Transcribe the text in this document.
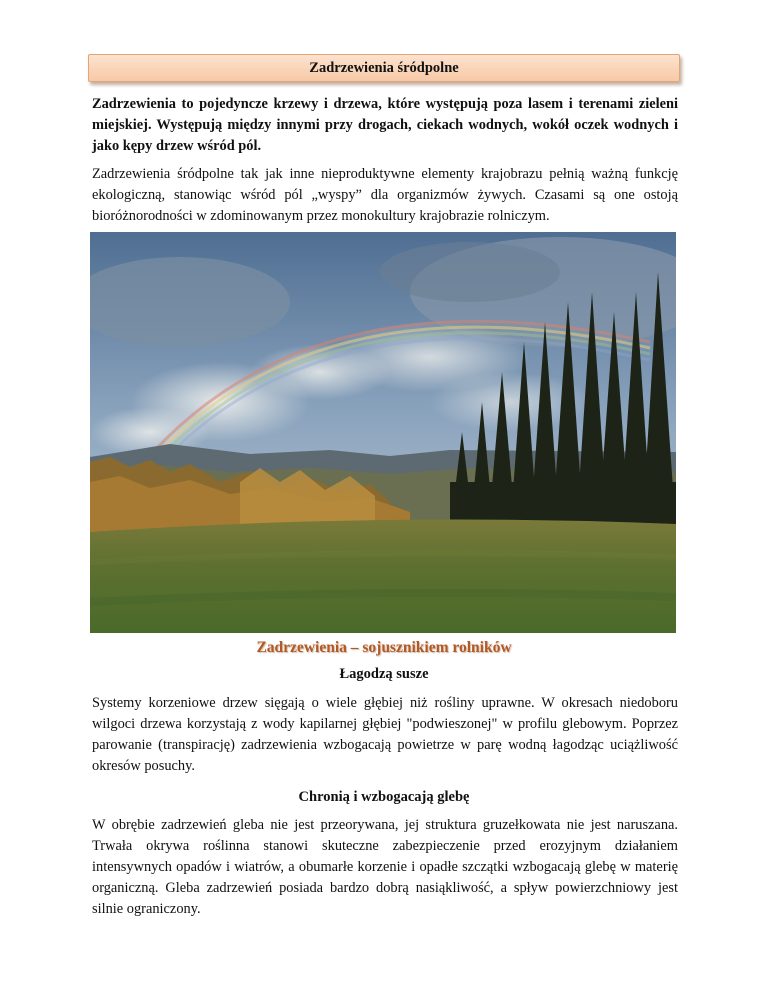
Zadrzewienia śródpolne

Zadrzewienia to pojedyncze krzewy i drzewa, które występują poza lasem i terenami zieleni miejskiej. Występują między innymi przy drogach, ciekach wodnych, wokół oczek wodnych i jako kępy drzew wśród pól.

Zadrzewienia śródpolne tak jak inne nieproduktywne elementy krajobrazu pełnią ważną funkcję ekologiczną, stanowiąc wśród pól „wyspy” dla organizmów żywych. Czasami są one ostoją bioróżnorodności w zdominowanym przez monokultury krajobrazie rolniczym.

Zadrzewienia – sojusznikiem rolników

Łagodzą susze

Systemy korzeniowe drzew sięgają o wiele głębiej niż rośliny uprawne. W okresach niedoboru wilgoci drzewa korzystają z wody kapilarnej głębiej "podwieszonej" w profilu glebowym. Poprzez parowanie (transpirację) zadrzewienia wzbogacają powietrze w parę wodną łagodząc uciążliwość okresów posuchy.

Chronią i wzbogacają glebę

W obrębie zadrzewień gleba nie jest przeorywana, jej struktura gruzełkowata nie jest naruszana. Trwała okrywa roślinna stanowi skuteczne zabezpieczenie przed erozyjnym działaniem intensywnych opadów i wiatrów, a obumarłe korzenie i opadłe szczątki wzbogacają glebę w materię organiczną. Gleba zadrzewień posiada bardzo dobrą nasiąkliwość, a spływ powierzchniowy jest silnie ograniczony.
